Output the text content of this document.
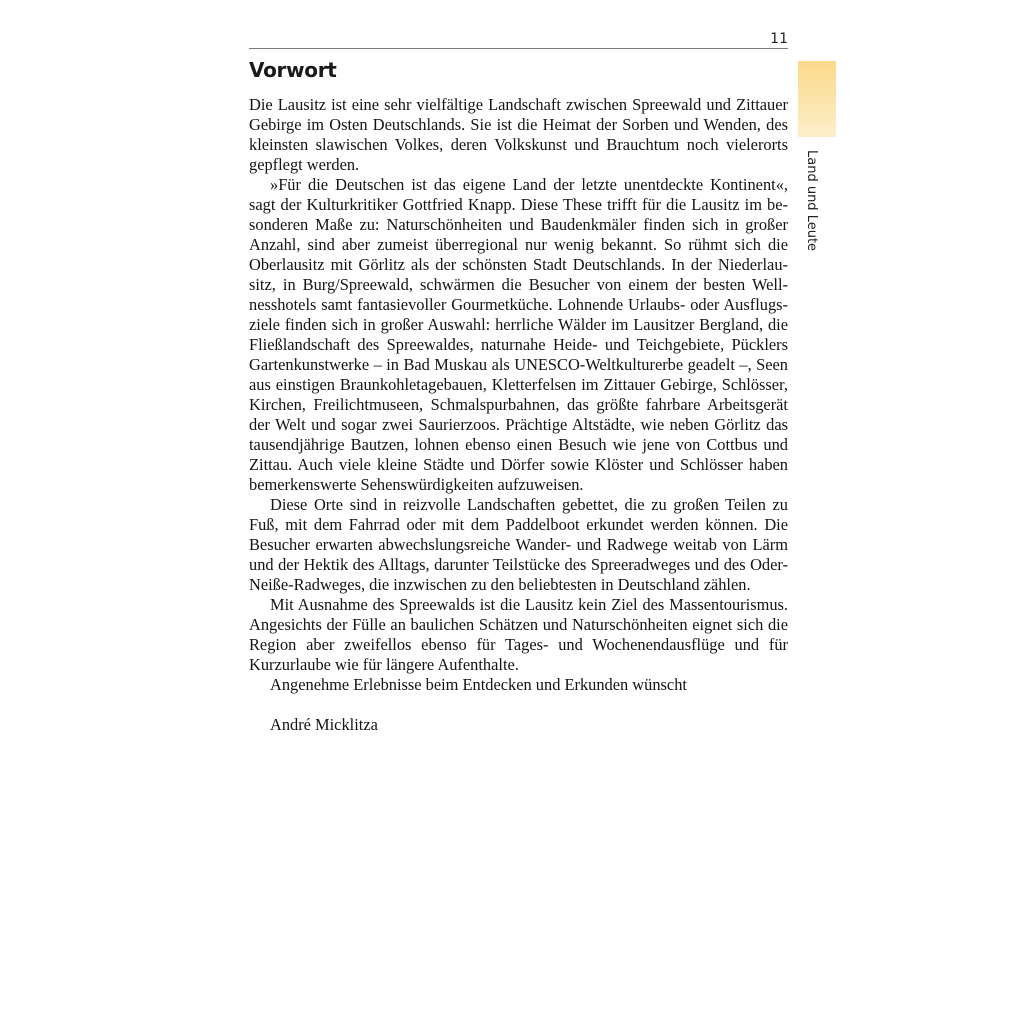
11
Vorwort
Land und Leute

Die Lausitz ist eine sehr vielfältige Landschaft zwischen Spreewald und Zittauer Gebirge im Osten Deutschlands. Sie ist die Heimat der Sorben und Wenden, des kleinsten slawischen Volkes, deren Volkskunst und Brauchtum noch vielerorts gepflegt werden.

»Für die Deutschen ist das eigene Land der letzte unentdeckte Kontinent«, sagt der Kulturkritiker Gottfried Knapp. Diese These trifft für die Lausitz im besonderen Maße zu: Naturschönheiten und Baudenkmäler finden sich in großer Anzahl, sind aber zumeist überregional nur wenig bekannt. So rühmt sich die Oberlausitz mit Görlitz als der schönsten Stadt Deutschlands. In der Niederlausitz, in Burg/Spreewald, schwärmen die Besucher von einem der besten Wellnesshotels samt fantasievoller Gourmetküche. Lohnende Urlaubs- oder Ausflugsziele finden sich in großer Auswahl: herrliche Wälder im Lausitzer Bergland, die Fließlandschaft des Spreewaldes, naturnahe Heide- und Teichgebiete, Pücklers Gartenkunstwerke – in Bad Muskau als UNESCO-Weltkulturerbe geadelt –, Seen aus einstigen Braunkohletagebauen, Kletterfelsen im Zittauer Gebirge, Schlösser, Kirchen, Freilichtmuseen, Schmalspurbahnen, das größte fahrbare Arbeitsgerät der Welt und sogar zwei Saurierzoos. Prächtige Altstädte, wie neben Görlitz das tausendjährige Bautzen, lohnen ebenso einen Besuch wie jene von Cottbus und Zittau. Auch viele kleine Städte und Dörfer sowie Klöster und Schlösser haben bemerkenswerte Sehenswürdigkeiten aufzuweisen.

Diese Orte sind in reizvolle Landschaften gebettet, die zu großen Teilen zu Fuß, mit dem Fahrrad oder mit dem Paddelboot erkundet werden können. Die Besucher erwarten abwechslungsreiche Wander- und Radwege weitab von Lärm und der Hektik des Alltags, darunter Teilstücke des Spreeradweges und des Oder-Neiße-Radweges, die inzwischen zu den beliebtesten in Deutschland zählen.

Mit Ausnahme des Spreewalds ist die Lausitz kein Ziel des Massentourismus. Angesichts der Fülle an baulichen Schätzen und Naturschönheiten eignet sich die Region aber zweifellos ebenso für Tages- und Wochenendausflüge und für Kurzurlaube wie für längere Aufenthalte.

Angenehme Erlebnisse beim Entdecken und Erkunden wünscht

André Micklitza
